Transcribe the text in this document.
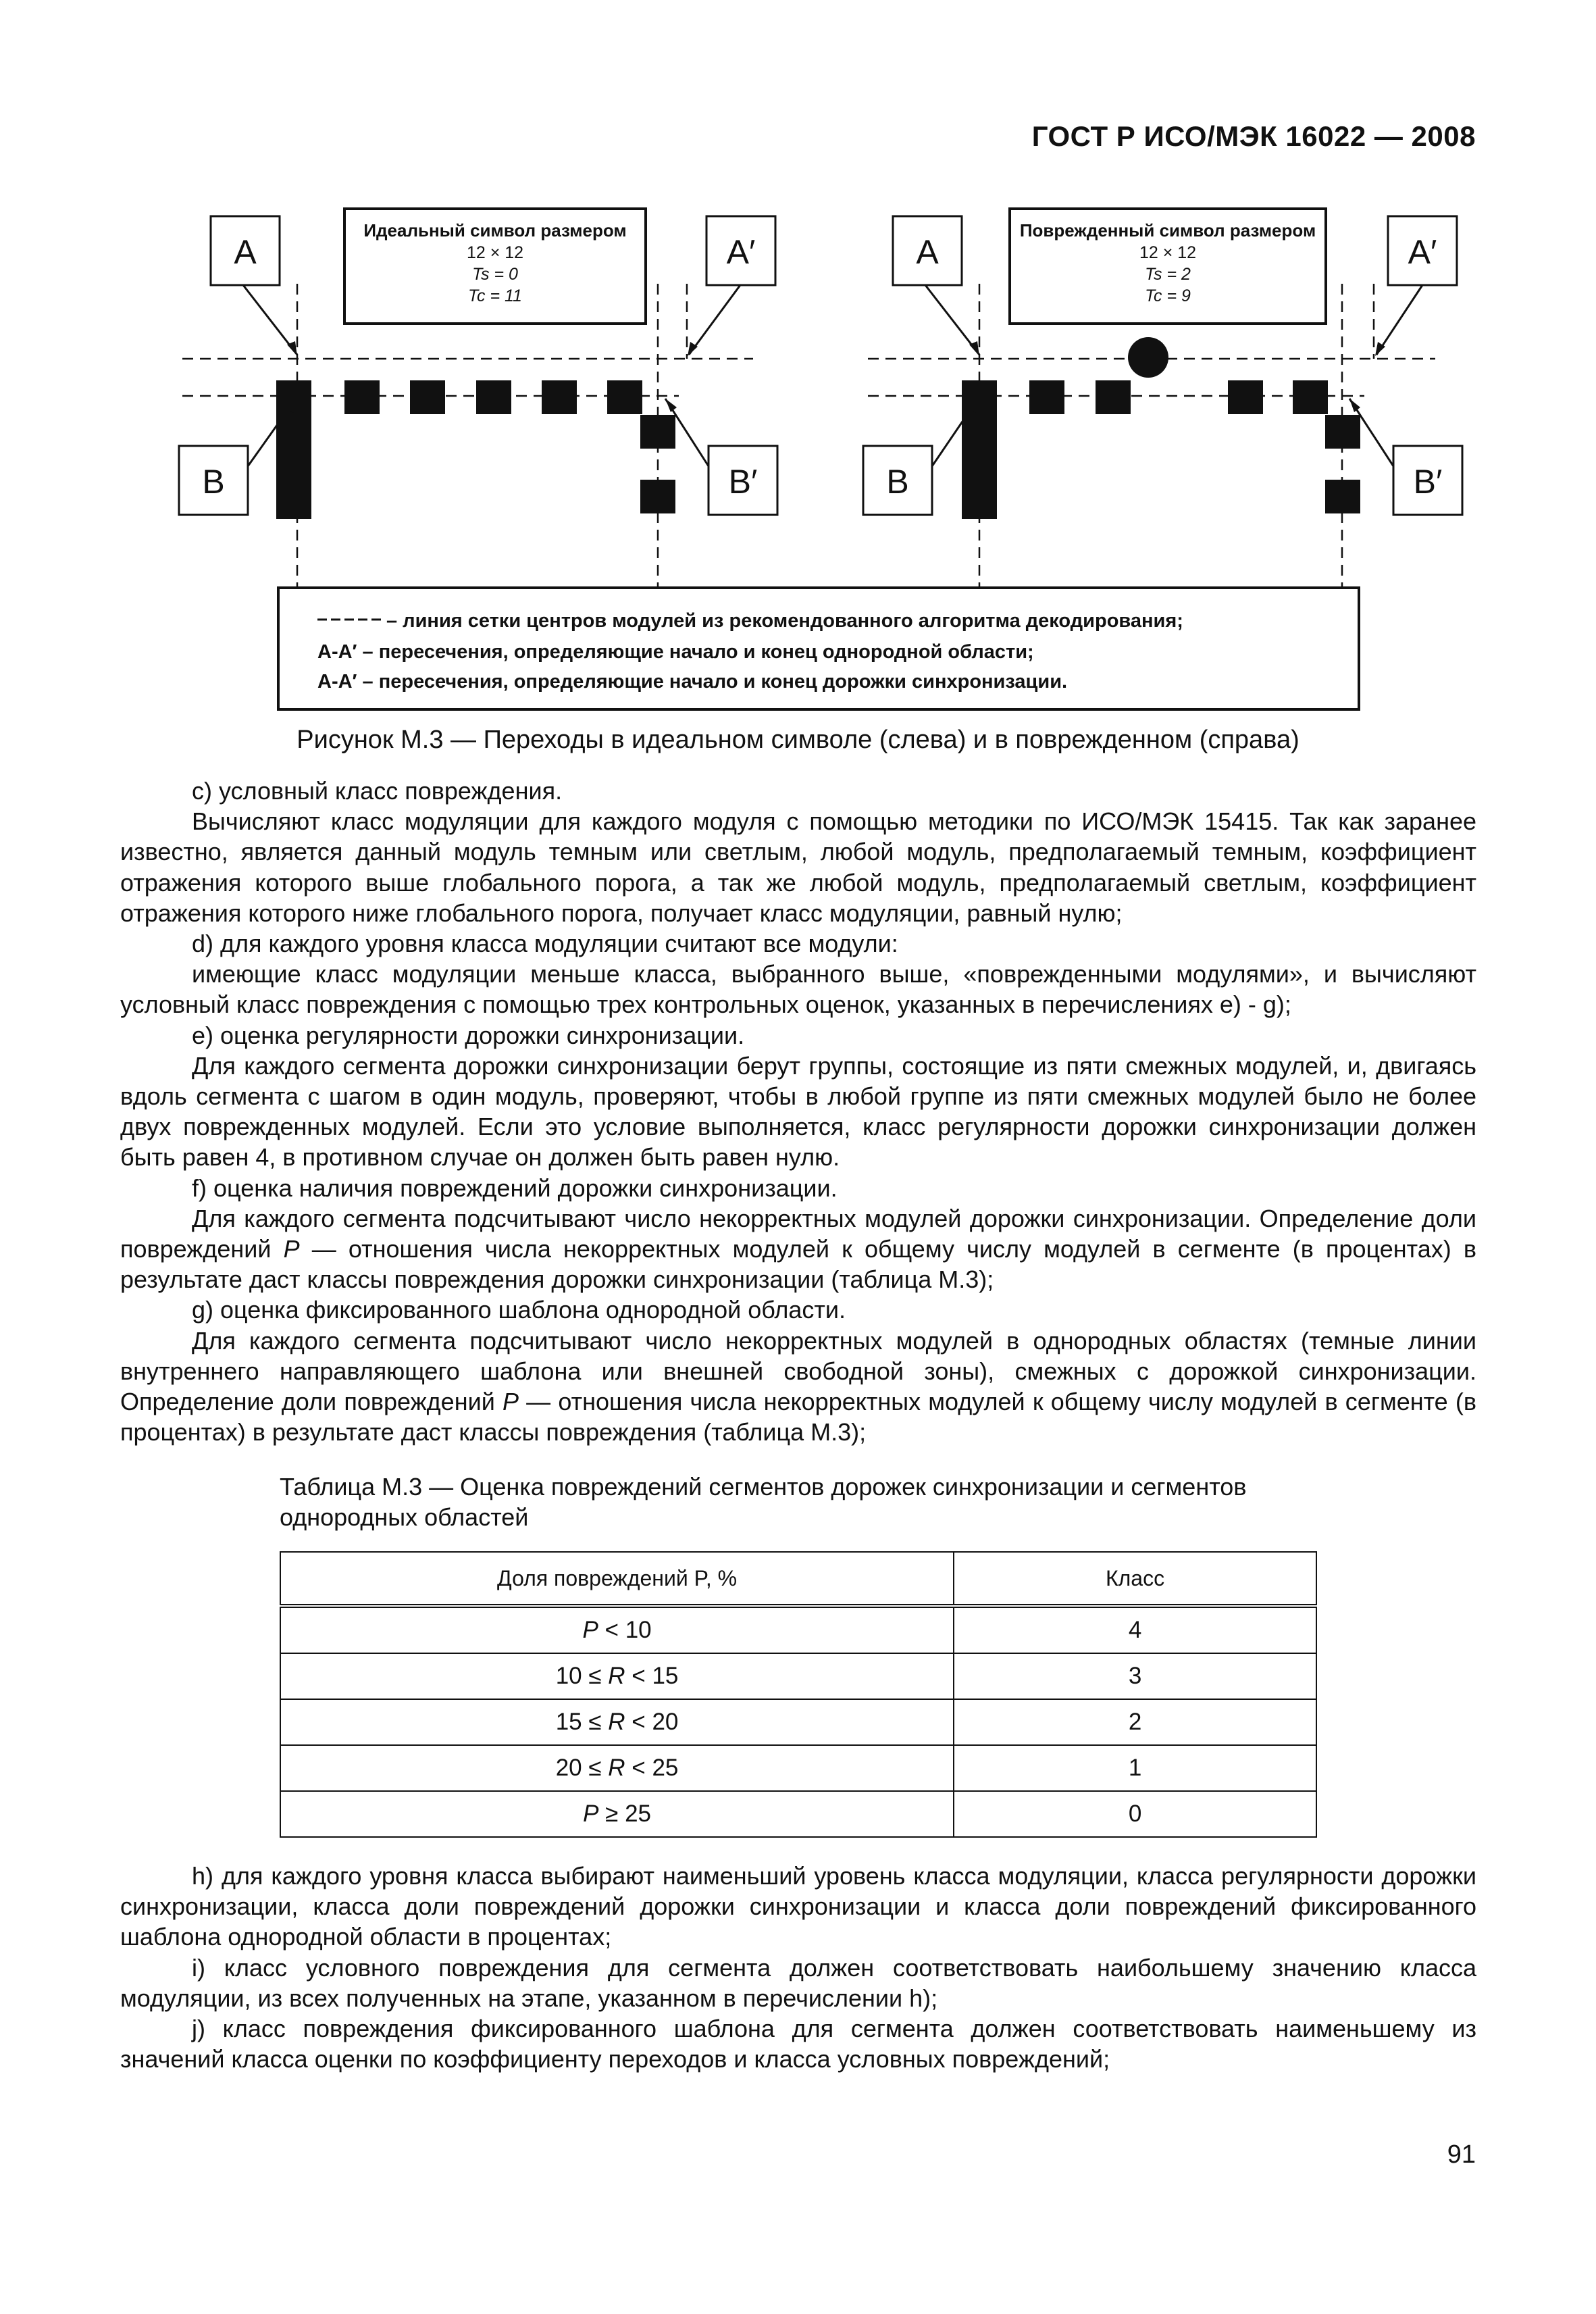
ГОСТ Р ИСО/МЭК 16022 — 2008
Идеальный символ размером
12 × 12
Ts = 0
Tc = 11
A	A′
B	B′
Поврежденный символ размером
12 × 12
Ts = 2
Tc = 9
A	A′
B	B′
– линия сетки центров модулей из рекомендованного алгоритма декодирования;
A-A′ – пересечения, определяющие начало и конец однородной области;
A-A′ – пересечения, определяющие начало и конец дорожки синхронизации.
Рисунок М.3 — Переходы в идеальном символе (слева) и в поврежденном (справа)

с) условный класс повреждения.

Вычисляют класс модуляции для каждого модуля с помощью методики по ИСО/МЭК 15415. Так как заранее известно, является данный модуль темным или светлым, любой модуль, предполагаемый темным, коэффициент отражения которого выше глобального порога, а так же любой модуль, предполагаемый светлым, коэффициент отражения которого ниже глобального порога, получает класс модуляции, равный нулю;

d) для каждого уровня класса модуляции считают все модули:

имеющие класс модуляции меньше класса, выбранного выше, «поврежденными модулями», и вычисляют условный класс повреждения с помощью трех контрольных оценок, указанных в перечислениях е) - g);

е) оценка регулярности дорожки синхронизации.

Для каждого сегмента дорожки синхронизации берут группы, состоящие из пяти смежных модулей, и, двигаясь вдоль сегмента с шагом в один модуль, проверяют, чтобы в любой группе из пяти смежных модулей было не более двух поврежденных модулей. Если это условие выполняется, класс регулярности дорожки синхронизации должен быть равен 4, в противном случае он должен быть равен нулю.

f) оценка наличия повреждений дорожки синхронизации.

Для каждого сегмента подсчитывают число некорректных модулей дорожки синхронизации. Определение доли повреждений P — отношения числа некорректных модулей к общему числу модулей в сегменте (в процентах) в результате даст классы повреждения дорожки синхронизации (таблица М.3);

g) оценка фиксированного шаблона однородной области.

Для каждого сегмента подсчитывают число некорректных модулей в однородных областях (темные линии внутреннего направляющего шаблона или внешней свободной зоны), смежных с дорожкой синхронизации. Определение доли повреждений P — отношения числа некорректных модулей к общему числу модулей в сегменте (в процентах) в результате даст классы повреждения (таблица М.3);

Таблица М.3 — Оценка повреждений сегментов дорожек синхронизации и сегментов
однородных областей
Доля повреждений P, %	Класс
P < 10	4
10 ≤ R < 15	3
15 ≤ R < 20	2
20 ≤ R < 25	1
P ≥ 25	0

h) для каждого уровня класса выбирают наименьший уровень класса модуляции, класса регулярности дорожки синхронизации, класса доли повреждений дорожки синхронизации и класса доли повреждений фиксированного шаблона однородной области в процентах;

i) класс условного повреждения для сегмента должен соответствовать наибольшему значению класса модуляции, из всех полученных на этапе, указанном в перечислении h);

j) класс повреждения фиксированного шаблона для сегмента должен соответствовать наименьшему из значений класса оценки по коэффициенту переходов и класса условных повреждений;

91
